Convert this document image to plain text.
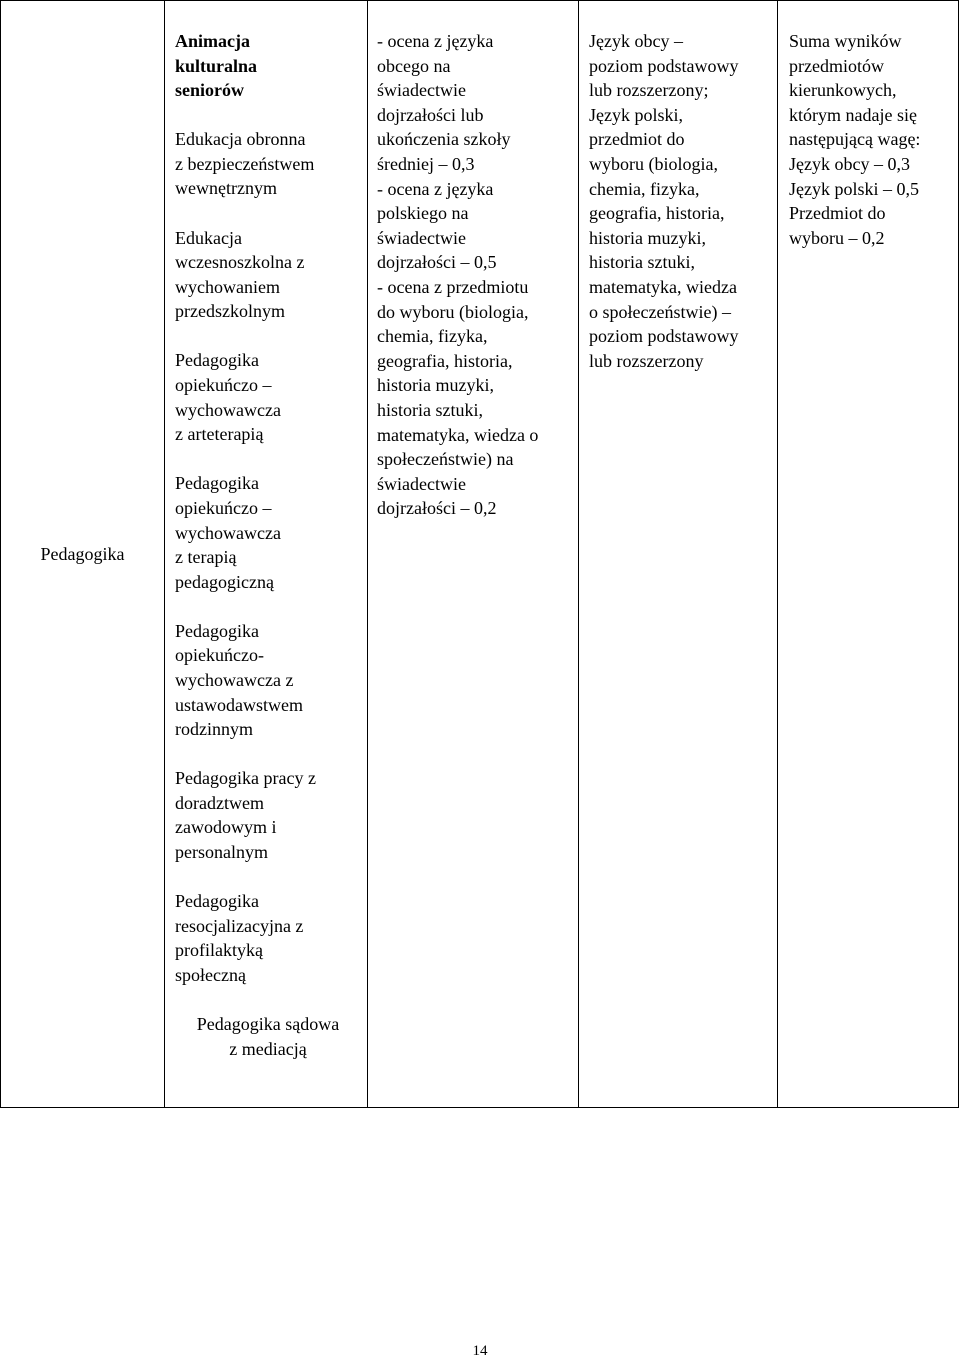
Pedagogika
Animacja
kulturalna
seniorów
Edukacja obronna
z bezpieczeństwem
wewnętrznym
Edukacja
wczesnoszkolna z
wychowaniem
przedszkolnym
Pedagogika
opiekuńczo –
wychowawcza
z arteterapią
Pedagogika
opiekuńczo –
wychowawcza
z terapią
pedagogiczną
Pedagogika
opiekuńczo-
wychowawcza z
ustawodawstwem
rodzinnym
Pedagogika pracy z
doradztwem
zawodowym i
personalnym
Pedagogika
resocjalizacyjna z
profilaktyką
społeczną
Pedagogika sądowa
z mediacją
- ocena z języka
obcego na
świadectwie
dojrzałości lub
ukończenia szkoły
średniej – 0,3
- ocena z języka
polskiego na
świadectwie
dojrzałości – 0,5
- ocena z przedmiotu
do wyboru (biologia,
chemia, fizyka,
geografia, historia,
historia muzyki,
historia sztuki,
matematyka, wiedza o
społeczeństwie) na
świadectwie
dojrzałości – 0,2
Język obcy –
poziom podstawowy
lub rozszerzony;
Język polski,
przedmiot do
wyboru (biologia,
chemia, fizyka,
geografia, historia,
historia muzyki,
historia sztuki,
matematyka, wiedza
o społeczeństwie) –
poziom podstawowy
lub rozszerzony
Suma wyników
przedmiotów
kierunkowych,
którym nadaje się
następującą wagę:
Język obcy – 0,3
Język polski – 0,5
Przedmiot do
wyboru – 0,2
14
